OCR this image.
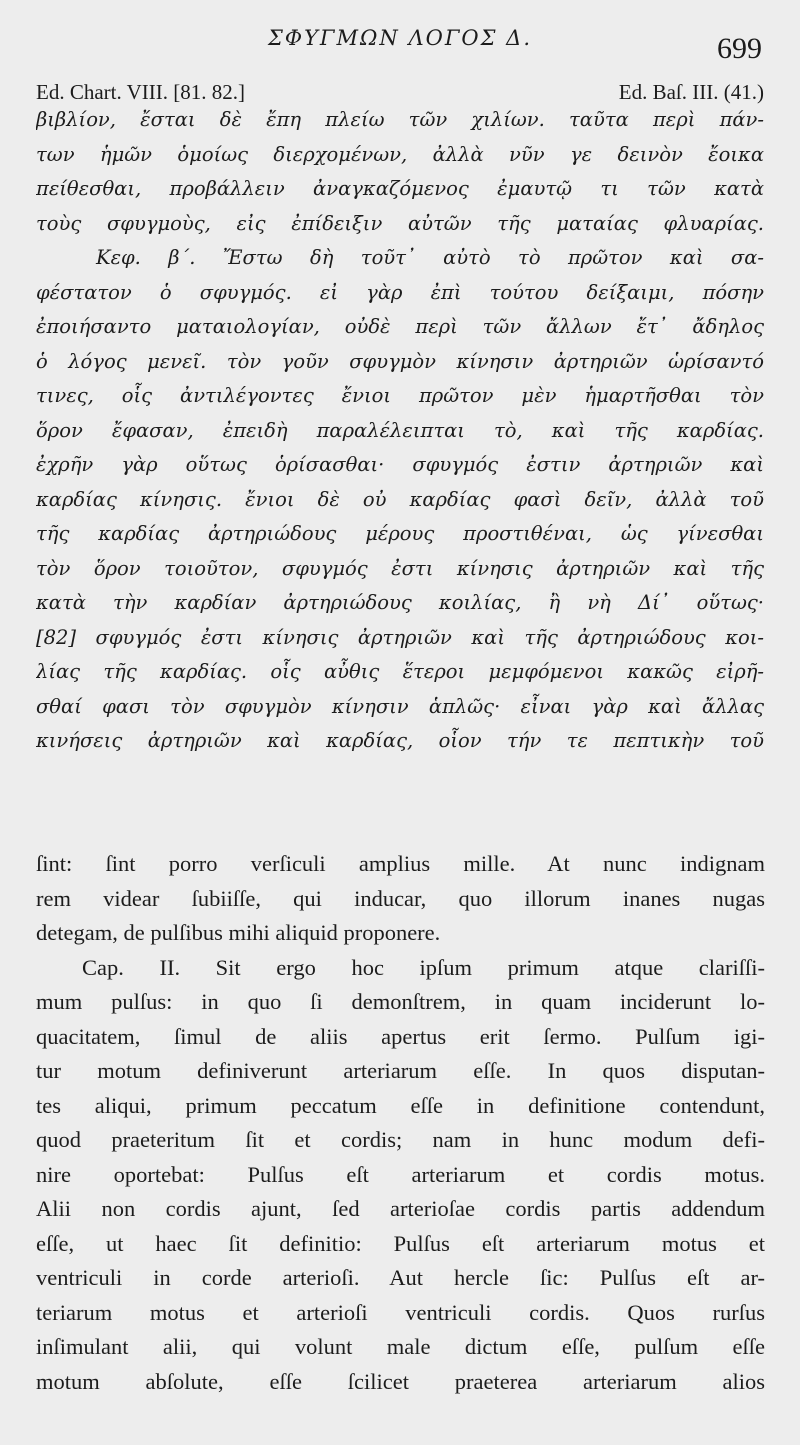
ΣΦΥΓΜΩΝ ΛΟΓΟΣ Δ.	699
Ed. Chart. VIII. [81. 82.]	Ed. Baſ. III. (41.)
βιβλίον, ἔσται δὲ ἔπη πλείω τῶν χιλίων. ταῦτα περὶ πάν-
των ἡμῶν ὁμοίως διερχομένων, ἀλλὰ νῦν γε δεινὸν ἔοικα
πείθεσθαι, προβάλλειν ἀναγκαζόμενος ἐμαυτῷ τι τῶν κατὰ
τοὺς σφυγμοὺς, εἰς ἐπίδειξιν αὐτῶν τῆς ματαίας φλυαρίας.
Κεφ. β΄. Ἔστω δὴ τοῦτ᾽ αὐτὸ τὸ πρῶτον καὶ σα-
φέστατον ὁ σφυγμός. εἰ γὰρ ἐπὶ τούτου δείξαιμι, πόσην
ἐποιήσαντο ματαιολογίαν, οὐδὲ περὶ τῶν ἄλλων ἔτ᾽ ἄδηλος
ὁ λόγος μενεῖ. τὸν γοῦν σφυγμὸν κίνησιν ἀρτηριῶν ὡρίσαντό
τινες, οἷς ἀντιλέγοντες ἔνιοι πρῶτον μὲν ἡμαρτῆσθαι τὸν
ὅρον ἔφασαν, ἐπειδὴ παραλέλειπται τὸ, καὶ τῆς καρδίας.
ἐχρῆν γὰρ οὕτως ὁρίσασθαι· σφυγμός ἐστιν ἀρτηριῶν καὶ
καρδίας κίνησις. ἔνιοι δὲ οὐ καρδίας φασὶ δεῖν, ἀλλὰ τοῦ
τῆς καρδίας ἀρτηριώδους μέρους προστιθέναι, ὡς γίνεσθαι
τὸν ὅρον τοιοῦτον, σφυγμός ἐστι κίνησις ἀρτηριῶν καὶ τῆς
κατὰ τὴν καρδίαν ἀρτηριώδους κοιλίας, ἢ νὴ Δί᾽ οὕτως·
[82] σφυγμός ἐστι κίνησις ἀρτηριῶν καὶ τῆς ἀρτηριώδους κοι-
λίας τῆς καρδίας. οἷς αὖθις ἕτεροι μεμφόμενοι κακῶς εἰρῆ-
σθαί φασι τὸν σφυγμὸν κίνησιν ἁπλῶς· εἶναι γὰρ καὶ ἄλλας
κινήσεις ἀρτηριῶν καὶ καρδίας, οἷον τήν τε πεπτικὴν τοῦ
ſint: ſint porro verſiculi amplius mille. At nunc indignam
rem videar ſubiiſſe, qui inducar, quo illorum inanes nugas
detegam, de pulſibus mihi aliquid proponere.
Cap. II. Sit ergo hoc ipſum primum atque clariſſi-
mum pulſus: in quo ſi demonſtrem, in quam inciderunt lo-
quacitatem, ſimul de aliis apertus erit ſermo. Pulſum igi-
tur motum definiverunt arteriarum eſſe. In quos disputan-
tes aliqui, primum peccatum eſſe in definitione contendunt,
quod praeteritum ſit et cordis; nam in hunc modum defi-
nire oportebat: Pulſus eſt arteriarum et cordis motus.
Alii non cordis ajunt, ſed arterioſae cordis partis addendum
eſſe, ut haec ſit definitio: Pulſus eſt arteriarum motus et
ventriculi in corde arterioſi. Aut hercle ſic: Pulſus eſt ar-
teriarum motus et arterioſi ventriculi cordis. Quos rurſus
inſimulant alii, qui volunt male dictum eſſe, pulſum eſſe
motum abſolute, eſſe ſcilicet praeterea arteriarum alios
